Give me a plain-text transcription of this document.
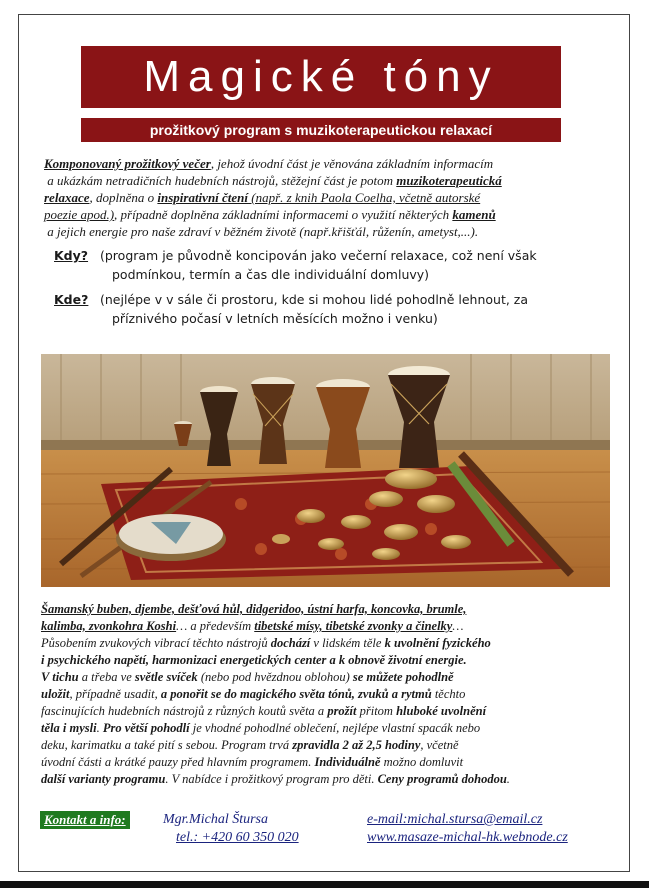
Magické tóny
prožitkový program s muzikoterapeutickou relaxací
Komponovaný prožitkový večer, jehož úvodní část je věnována základním informacím
a ukázkám netradičních hudebních nástrojů, stěžejní část je potom muzikoterapeutická
relaxace, doplněna o inspirativní čtení (např. z knih Paola Coelha, včetně autorské
poezie apod.), případně doplněna základními informacemi o využití některých kamenů
a jejich energie pro naše zdraví v běžném životě (např.křišťál, růženín, ametyst,...).
Kdy? (program je původně koncipován jako večerní relaxace, což není však
podmínkou, termín a čas dle individuální domluvy)
Kde? (nejlépe v v sále či prostoru, kde si mohou lidé pohodlně lehnout, za
příznivého počasí v letních měsících možno i venku)
Šamanský buben, djembe, dešťová hůl, didgeridoo, ústní harfa, koncovka, brumle,
kalimba, zvonkohra Koshi… a především tibetské mísy, tibetské zvonky a činelky…
Působením zvukových vibrací těchto nástrojů dochází v lidském těle k uvolnění fyzického
i psychického napětí, harmonizaci energetických center a k obnově životní energie.
V tichu a třeba ve světle svíček (nebo pod hvězdnou oblohou) se můžete pohodlně
uložit, případně usadit, a ponořit se do magického světa tónů, zvuků a rytmů těchto
fascinujících hudebních nástrojů z různých koutů světa a prožít přitom hluboké uvolnění
těla i mysli. Pro větší pohodlí je vhodné pohodlné oblečení, nejlépe vlastní spacák nebo
deku, karimatku a také pití s sebou. Program trvá zpravidla 2 až 2,5 hodiny, včetně
úvodní části a krátké pauzy před hlavním programem. Individuálně možno domluvit
další varianty programu. V nabídce i prožitkový program pro děti. Ceny programů dohodou.
Kontakt a info:	Mgr.Michal Štursa
tel.: +420 60 350 020
e-mail:michal.stursa@email.cz
www.masaze-michal-hk.webnode.cz
